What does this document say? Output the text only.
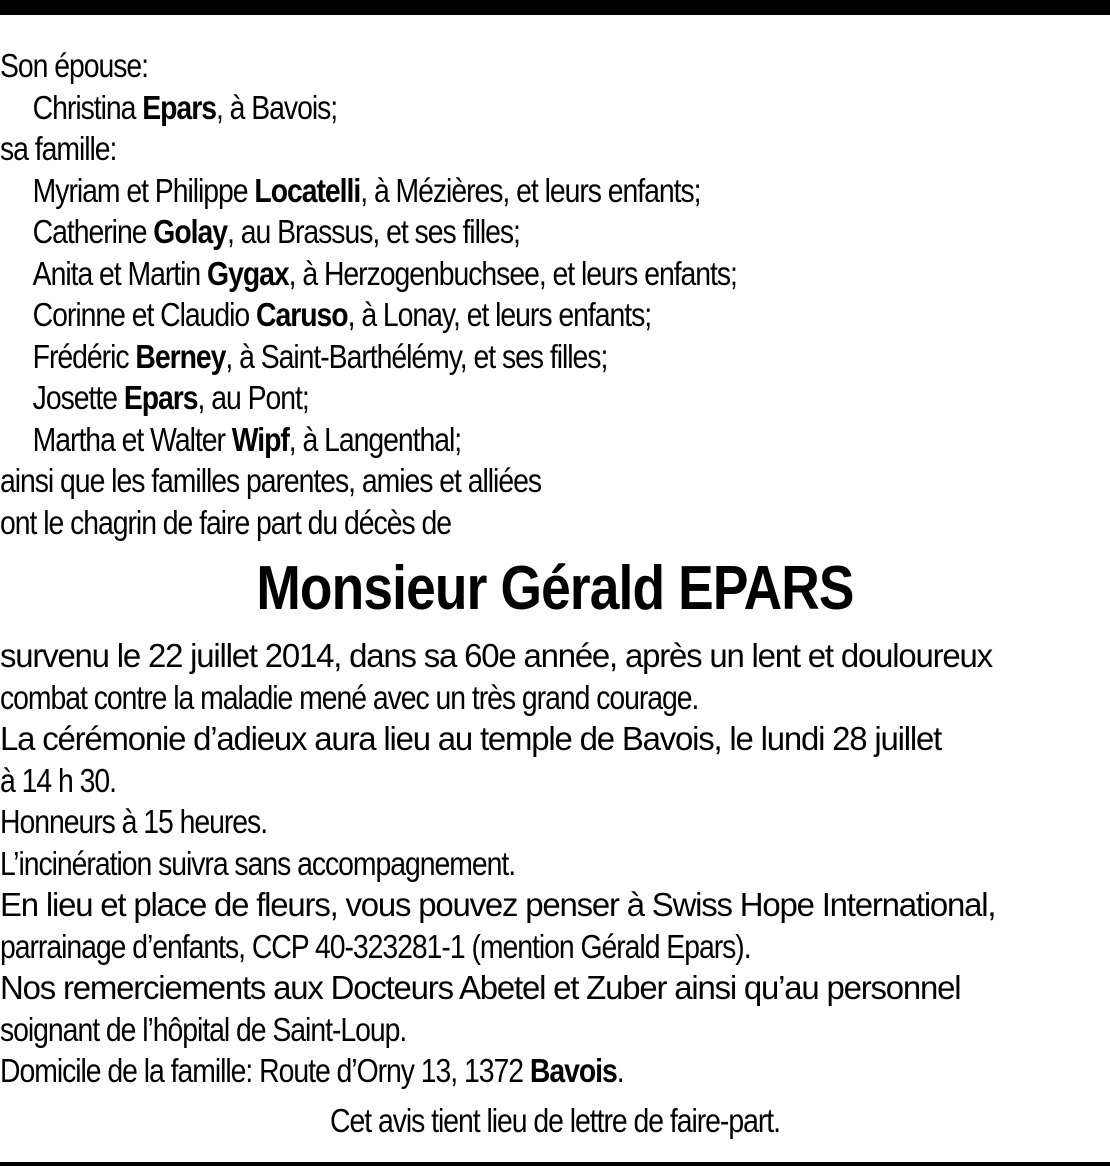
Son épouse:
Christina Epars, à Bavois;
sa famille:
Myriam et Philippe Locatelli, à Mézières, et leurs enfants;
Catherine Golay, au Brassus, et ses filles;
Anita et Martin Gygax, à Herzogenbuchsee, et leurs enfants;
Corinne et Claudio Caruso, à Lonay, et leurs enfants;
Frédéric Berney, à Saint-Barthélémy, et ses filles;
Josette Epars, au Pont;
Martha et Walter Wipf, à Langenthal;
ainsi que les familles parentes, amies et alliées
ont le chagrin de faire part du décès de
Monsieur Gérald EPARS
survenu le 22 juillet 2014, dans sa 60e année, après un lent et douloureux
combat contre la maladie mené avec un très grand courage.
La cérémonie d’adieux aura lieu au temple de Bavois, le lundi 28 juillet
à 14 h 30.
Honneurs à 15 heures.
L’incinération suivra sans accompagnement.
En lieu et place de fleurs, vous pouvez penser à Swiss Hope International,
parrainage d’enfants, CCP 40-323281-1 (mention Gérald Epars).
Nos remerciements aux Docteurs Abetel et Zuber ainsi qu’au personnel
soignant de l’hôpital de Saint-Loup.
Domicile de la famille: Route d’Orny 13, 1372 Bavois.
Cet avis tient lieu de lettre de faire-part.
